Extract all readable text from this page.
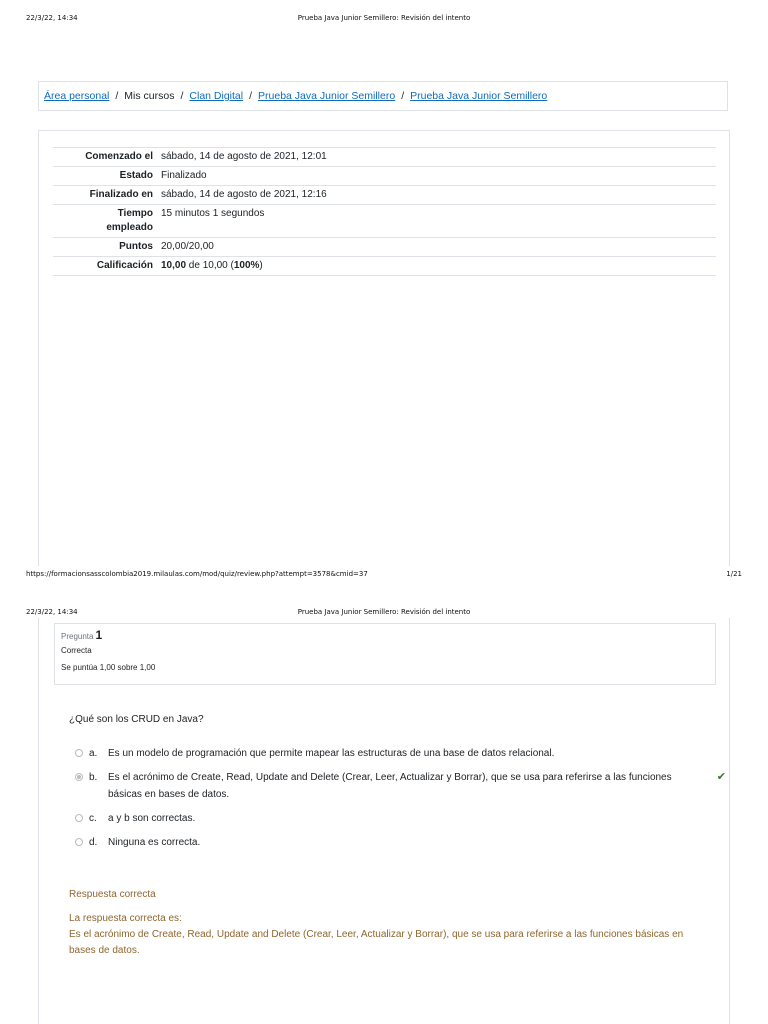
22/3/22, 14:34	Prueba Java Junior Semillero: Revisión del intento
Área personal / Mis cursos / Clan Digital / Prueba Java Junior Semillero / Prueba Java Junior Semillero
Comenzado el	sábado, 14 de agosto de 2021, 12:01
Estado	Finalizado
Finalizado en	sábado, 14 de agosto de 2021, 12:16
Tiempo
empleado	15 minutos 1 segundos
Puntos	20,00/20,00
Calificación	10,00 de 10,00 (100%)
https://formacionsasscolombia2019.milaulas.com/mod/quiz/review.php?attempt=3578&cmid=37	1/21
22/3/22, 14:34	Prueba Java Junior Semillero: Revisión del intento
Pregunta 1
Correcta
Se puntúa 1,00 sobre 1,00
¿Qué son los CRUD en Java?
a.	Es un modelo de programación que permite mapear las estructuras de una base de datos relacional.
b.	Es el acrónimo de Create, Read, Update and Delete (Crear, Leer, Actualizar y Borrar), que se usa para referirse a las funciones básicas en bases de datos.
✔
c.	a y b son correctas.
d.	Ninguna es correcta.
Respuesta correcta
La respuesta correcta es:
Es el acrónimo de Create, Read, Update and Delete (Crear, Leer, Actualizar y Borrar), que se usa para referirse a las funciones básicas en bases de datos.
